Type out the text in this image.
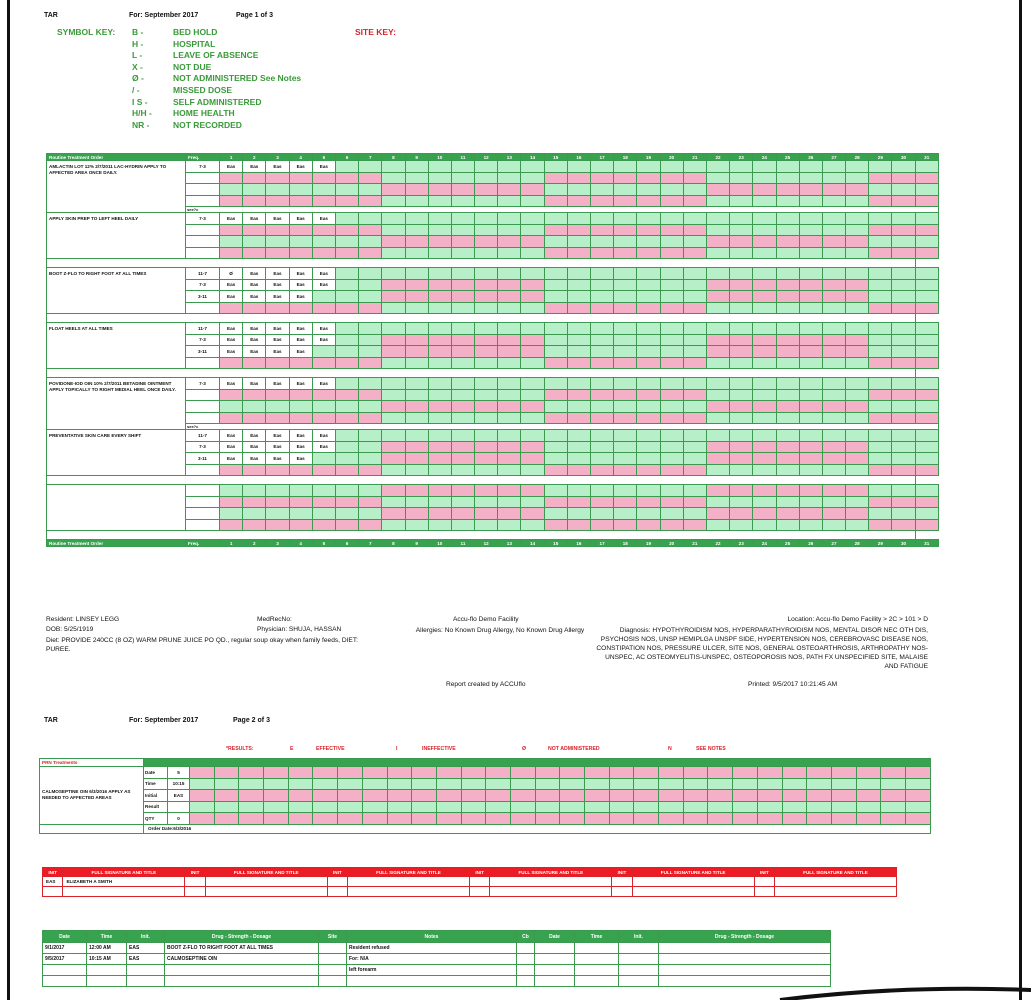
TAR	For: September 2017	Page 1 of 3
SYMBOL KEY:	SITE KEY:
B -	BED HOLD
H -	HOSPITAL
L -	LEAVE OF ABSENCE
X -	NOT DUE
Ø -	NOT ADMINISTERED See Notes
/ -	MISSED DOSE
I S -	SELF ADMINISTERED
H/H - HOME HEALTH
NR -	NOT RECORDED
Routine Treatment Order	Freq.	1	2	3	4	5	6	7	8	9	10	11	12	13	14	15	16	17	18	19	20	21	22	23	24	25	26	27	28	29	30	31
AMLACTIN LOT 12% 2/7/2011 LAC-HYDRIN APPLY TO AFFECTED AREA ONCE DAILY.	7-3	Eas	Eas	Eas	Eas	Eas																										

	see?c																															
APPLY SKIN PREP TO LEFT HEEL DAILY	7-3	Eas	Eas	Eas	Eas	Eas																										

BOOT Z-FLO TO RIGHT FOOT AT ALL TIMES	11-7	Ø	Eas	Eas	Eas	Eas																										
	7-3	Eas	Eas	Eas	Eas	Eas																										
	3-11	Eas	Eas	Eas	Eas																											

FLOAT HEELS AT ALL TIMES	11-7	Eas	Eas	Eas	Eas	Eas																										
	7-3	Eas	Eas	Eas	Eas	Eas																										
	3-11	Eas	Eas	Eas	Eas																											

POVIDONE-IOD OIN 10% 2/7/2011 BETADINE OINTMENT APPLY TOPICALLY TO RIGHT MEDIAL HEEL ONCE DAILY.	7-3	Eas	Eas	Eas	Eas	Eas																										

	see?c																															
PREVENTATIVE SKIN CARE EVERY SHIFT	11-7	Eas	Eas	Eas	Eas	Eas																										
	7-3	Eas	Eas	Eas	Eas	Eas																										
	3-11	Eas	Eas	Eas	Eas																											

Routine Treatment Order	Freq.	1	2	3	4	5	6	7	8	9	10	11	12	13	14	15	16	17	18	19	20	21	22	23	24	25	26	27	28	29	30	31
Resident: LINSEY LEGG
DOB: 5/25/1919
Diet: PROVIDE 240CC (8 OZ) WARM PRUNE JUICE PO QD., regular soup okay when family feeds, DIET: PUREE.
MedRecNo:
Physician: SHUJA, HASSAN
Accu-flo Demo Facility
Allergies: No Known Drug Allergy, No Known Drug Allergy
Location: Accu-flo Demo Facility > 2C > 101 > D
Diagnosis: HYPOTHYROIDISM NOS, HYPERPARATHYROIDISM NOS, MENTAL DISOR NEC OTH DIS, PSYCHOSIS NOS, UNSP HEMIPLGA UNSPF SIDE, HYPERTENSION NOS, CEREBROVASC DISEASE NOS, CONSTIPATION NOS, PRESSURE ULCER, SITE NOS, GENERAL OSTEOARTHROSIS, ARTHROPATHY NOS-UNSPEC, AC OSTEOMYELITIS-UNSPEC, OSTEOPOROSIS NOS, PATH FX UNSPECIFIED SITE, MALAISE AND FATIGUE
Report created by ACCUflo	Printed: 9/5/2017 10:21:45 AM
TAR	For: September 2017	Page 2 of 3
*RESULTS:	E	EFFECTIVE	I	INEFFECTIVE	Ø	NOT ADMINISTERED	N	SEE NOTES
PRN Treatments																																
CALMOSEPTINE OIN 6/3/2016 APPLY AS NEEDED TO AFFECTED AREAS	Date	5																														
	Time	10:15																														
	Initial	EAS																														
	Result																															
	QTY	0																														
	Order Date:6/3/2016																															
INIT	FULL SIGNATURE AND TITLE	INIT	FULL SIGNATURE AND TITLE	INIT	FULL SIGNATURE AND TITLE	INIT	FULL SIGNATURE AND TITLE	INIT	FULL SIGNATURE AND TITLE	INIT	FULL SIGNATURE AND TITLE
EAS	ELIZABETH A SMITH										

Date	Time	Init.	Drug - Strength - Dosage	Site	Notes	Cb	Date	Time	Init.	Drug - Strength - Dosage
9/1/2017	12:00 AM	EAS	BOOT Z-FLO TO RIGHT FOOT AT ALL TIMES		Resident refused					
9/5/2017	10:15 AM	EAS	CALMOSEPTINE OIN		For: N/A					
					left forearm					
